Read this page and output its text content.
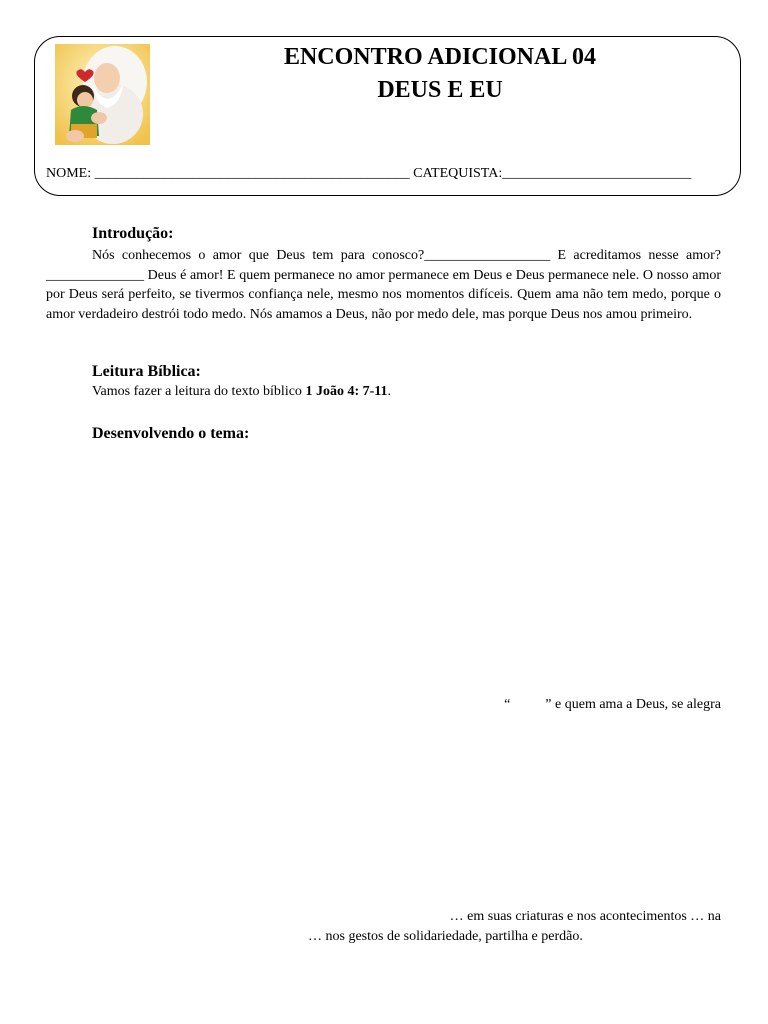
ENCONTRO ADICIONAL 04
DEUS E EU
NOME: _____________________________________________ CATEQUISTA:___________________________
Introdução:
Nós conhecemos o amor que Deus tem para conosco?__________________ E acreditamos nesse amor? ______________ Deus é amor! E quem permanece no amor permanece em Deus e Deus permanece nele. O nosso amor por Deus será perfeito, se tivermos confiança nele, mesmo nos momentos difíceis. Quem ama não tem medo, porque o amor verdadeiro destrói todo medo. Nós amamos a Deus, não por medo dele, mas porque Deus nos amou primeiro.
Leitura Bíblica:
Vamos fazer a leitura do texto bíblico 1 João 4: 7-11.
Desenvolvendo o tema:
“          ” e quem ama a Deus, se alegra
… em suas criaturas e nos acontecimentos … na
… nos gestos de solidariedade, partilha e perdão.
